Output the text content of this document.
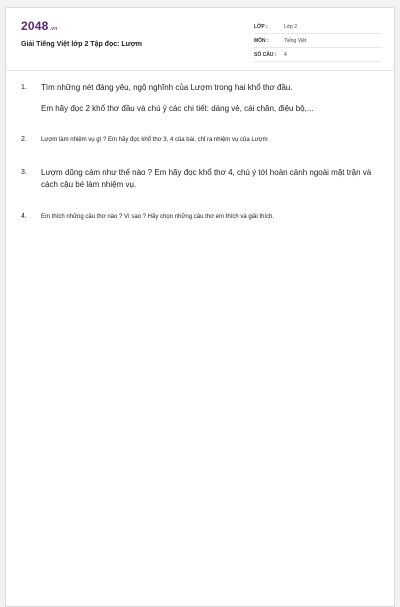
2048.vn
Giải Tiếng Việt lớp 2 Tập đọc: Lượm
LỚP :	Lớp 2
MÔN :	Tiếng Việt
SỐ CÂU : 4
1. Tìm những nét đáng yêu, ngộ nghĩnh của Lượm trong hai khổ thơ đầu.

Em hãy đọc 2 khổ thơ đầu và chú ý các chi tiết: dáng vẻ, cái chân, điệu bộ,...

2. Lượm làm nhiệm vụ gì ? Em hãy đọc khổ thơ 3, 4 của bài, chỉ ra nhiệm vụ của Lượm

3. Lượm dũng cảm như thế nào ? Em hãy đọc khổ thơ 4, chú ý tới hoàn cảnh ngoài mặt trận và cách cậu bé làm nhiệm vụ.

4. Em thích những câu thơ nào ? Vì sao ? Hãy chọn những câu thơ em thích và giải thích.
